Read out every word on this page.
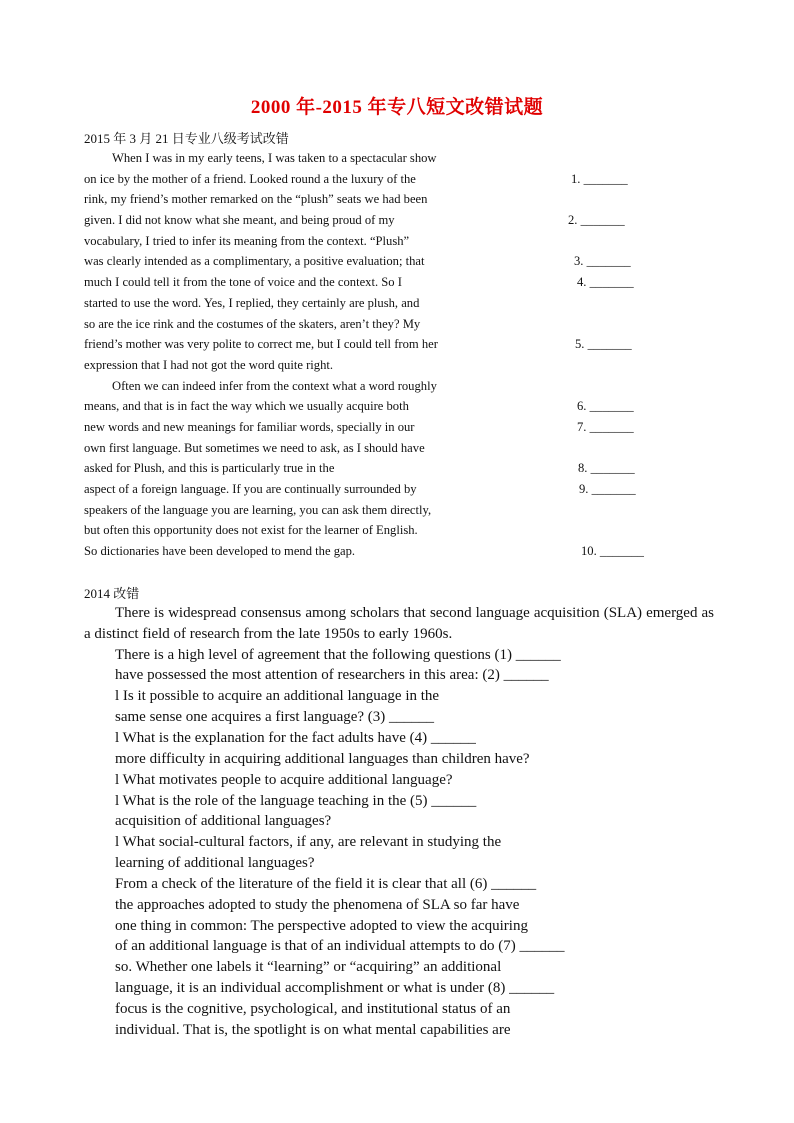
2000 年-2015 年专八短文改错试题
2015 年 3 月 21 日专业八级考试改错
When I was in my early teens, I was taken to a spectacular show
on ice by the mother of a friend. Looked round a the luxury of the	1. _______
rink, my friend’s mother remarked on the “plush” seats we had been
given. I did not know what she meant, and being proud of my	2. _______
vocabulary, I tried to infer its meaning from the context. “Plush”
was clearly intended as a complimentary, a positive evaluation; that	3. _______
much I could tell it from the tone of voice and the context. So I	4. _______
started to use the word. Yes, I replied, they certainly are plush, and
so are the ice rink and the costumes of the skaters, aren’t they? My
friend’s mother was very polite to correct me, but I could tell from her	5. _______
expression that I had not got the word quite right.
Often we can indeed infer from the context what a word roughly
means, and that is in fact the way which we usually acquire both	6. _______
new words and new meanings for familiar words, specially in our	7. _______
own first language. But sometimes we need to ask, as I should have
asked for Plush, and this is particularly true in the	8. _______
aspect of a foreign language. If you are continually surrounded by	9. _______
speakers of the language you are learning, you can ask them directly,
but often this opportunity does not exist for the learner of English.
So dictionaries have been developed to mend the gap.	10. _______
2014 改错

There is widespread consensus among scholars that second language acquisition (SLA) emerged as a distinct field of research from the late 1950s to early 1960s.

There is a high level of agreement that the following questions (1) ______
have possessed the most attention of researchers in this area: (2) ______
l Is it possible to acquire an additional language in the
same sense one acquires a first language? (3) ______
l What is the explanation for the fact adults have (4) ______
more difficulty in acquiring additional languages than children have?
l What motivates people to acquire additional language?
l What is the role of the language teaching in the (5) ______
acquisition of additional languages?
l What social-cultural factors, if any, are relevant in studying the
learning of additional languages?
From a check of the literature of the field it is clear that all (6) ______
the approaches adopted to study the phenomena of SLA so far have
one thing in common: The perspective adopted to view the acquiring
of an additional language is that of an individual attempts to do (7) ______
so. Whether one labels it “learning” or “acquiring” an additional
language, it is an individual accomplishment or what is under (8) ______
focus is the cognitive, psychological, and institutional status of an
individual. That is, the spotlight is on what mental capabilities are
